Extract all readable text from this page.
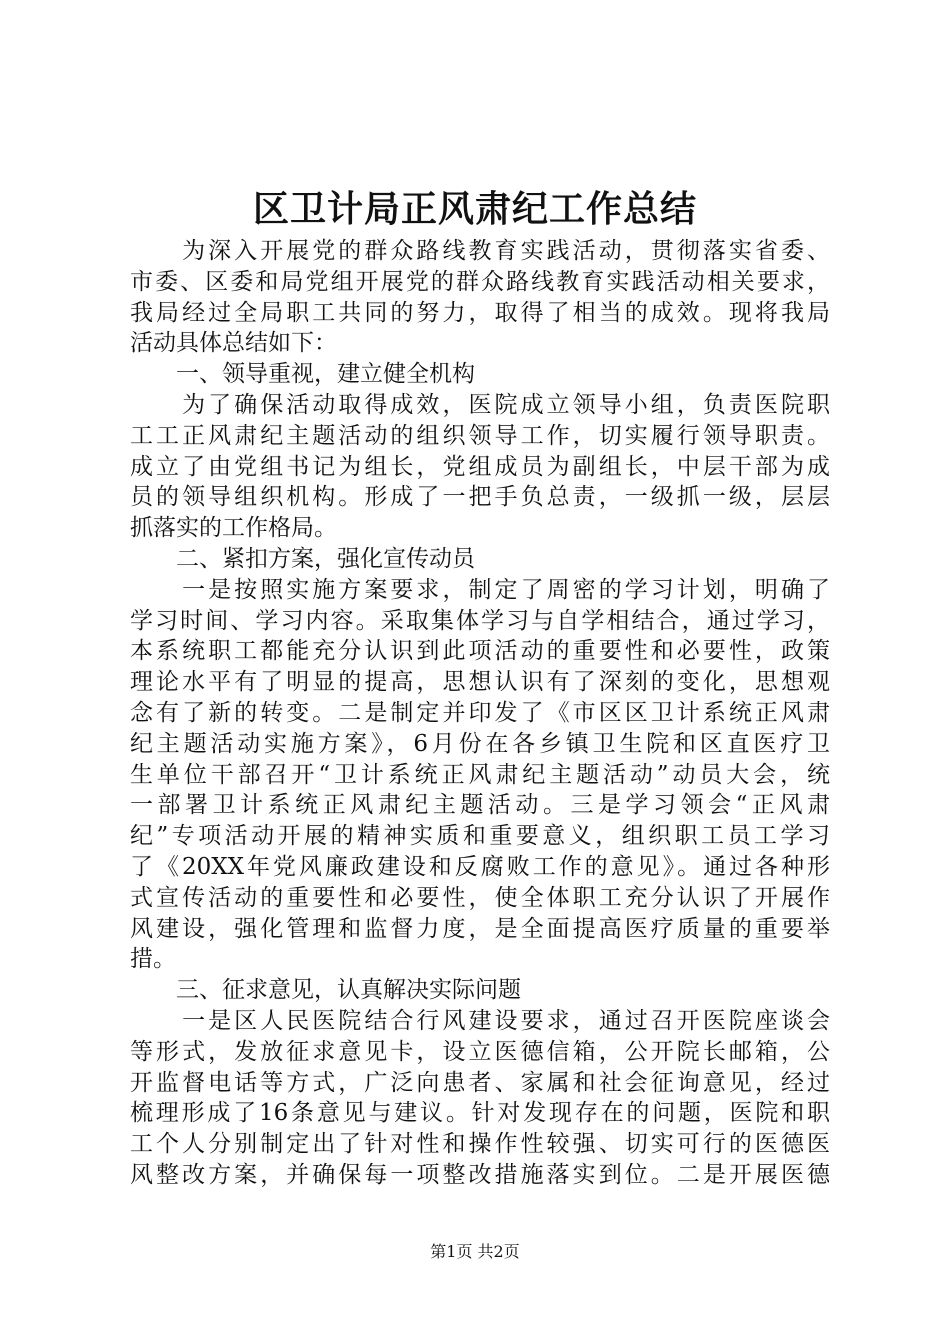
区卫计局正风肃纪工作总结
　　为深入开展党的群众路线教育实践活动，贯彻落实省委、
市委、区委和局党组开展党的群众路线教育实践活动相关要求，
我局经过全局职工共同的努力，取得了相当的成效。现将我局
活动具体总结如下：
　　一、领导重视，建立健全机构
　　为了确保活动取得成效，医院成立领导小组，负责医院职
工工正风肃纪主题活动的组织领导工作，切实履行领导职责。
成立了由党组书记为组长，党组成员为副组长，中层干部为成
员的领导组织机构。形成了一把手负总责，一级抓一级，层层
抓落实的工作格局。
　　二、紧扣方案，强化宣传动员
　　一是按照实施方案要求，制定了周密的学习计划，明确了
学习时间、学习内容。采取集体学习与自学相结合，通过学习，
本系统职工都能充分认识到此项活动的重要性和必要性，政策
理论水平有了明显的提高，思想认识有了深刻的变化，思想观
念有了新的转变。二是制定并印发了《市区区卫计系统正风肃
纪主题活动实施方案》，6月份在各乡镇卫生院和区直医疗卫
生单位干部召开“卫计系统正风肃纪主题活动”动员大会，统
一部署卫计系统正风肃纪主题活动。三是学习领会“正风肃
纪”专项活动开展的精神实质和重要意义，组织职工员工学习
了《20XX年党风廉政建设和反腐败工作的意见》。通过各种形
式宣传活动的重要性和必要性，使全体职工充分认识了开展作
风建设，强化管理和监督力度，是全面提高医疗质量的重要举
措。
　　三、征求意见，认真解决实际问题
　　一是区人民医院结合行风建设要求，通过召开医院座谈会
等形式，发放征求意见卡，设立医德信箱，公开院长邮箱，公
开监督电话等方式，广泛向患者、家属和社会征询意见，经过
梳理形成了16条意见与建议。针对发现存在的问题，医院和职
工个人分别制定出了针对性和操作性较强、切实可行的医德医
风整改方案，并确保每一项整改措施落实到位。二是开展医德
第1页 共2页
